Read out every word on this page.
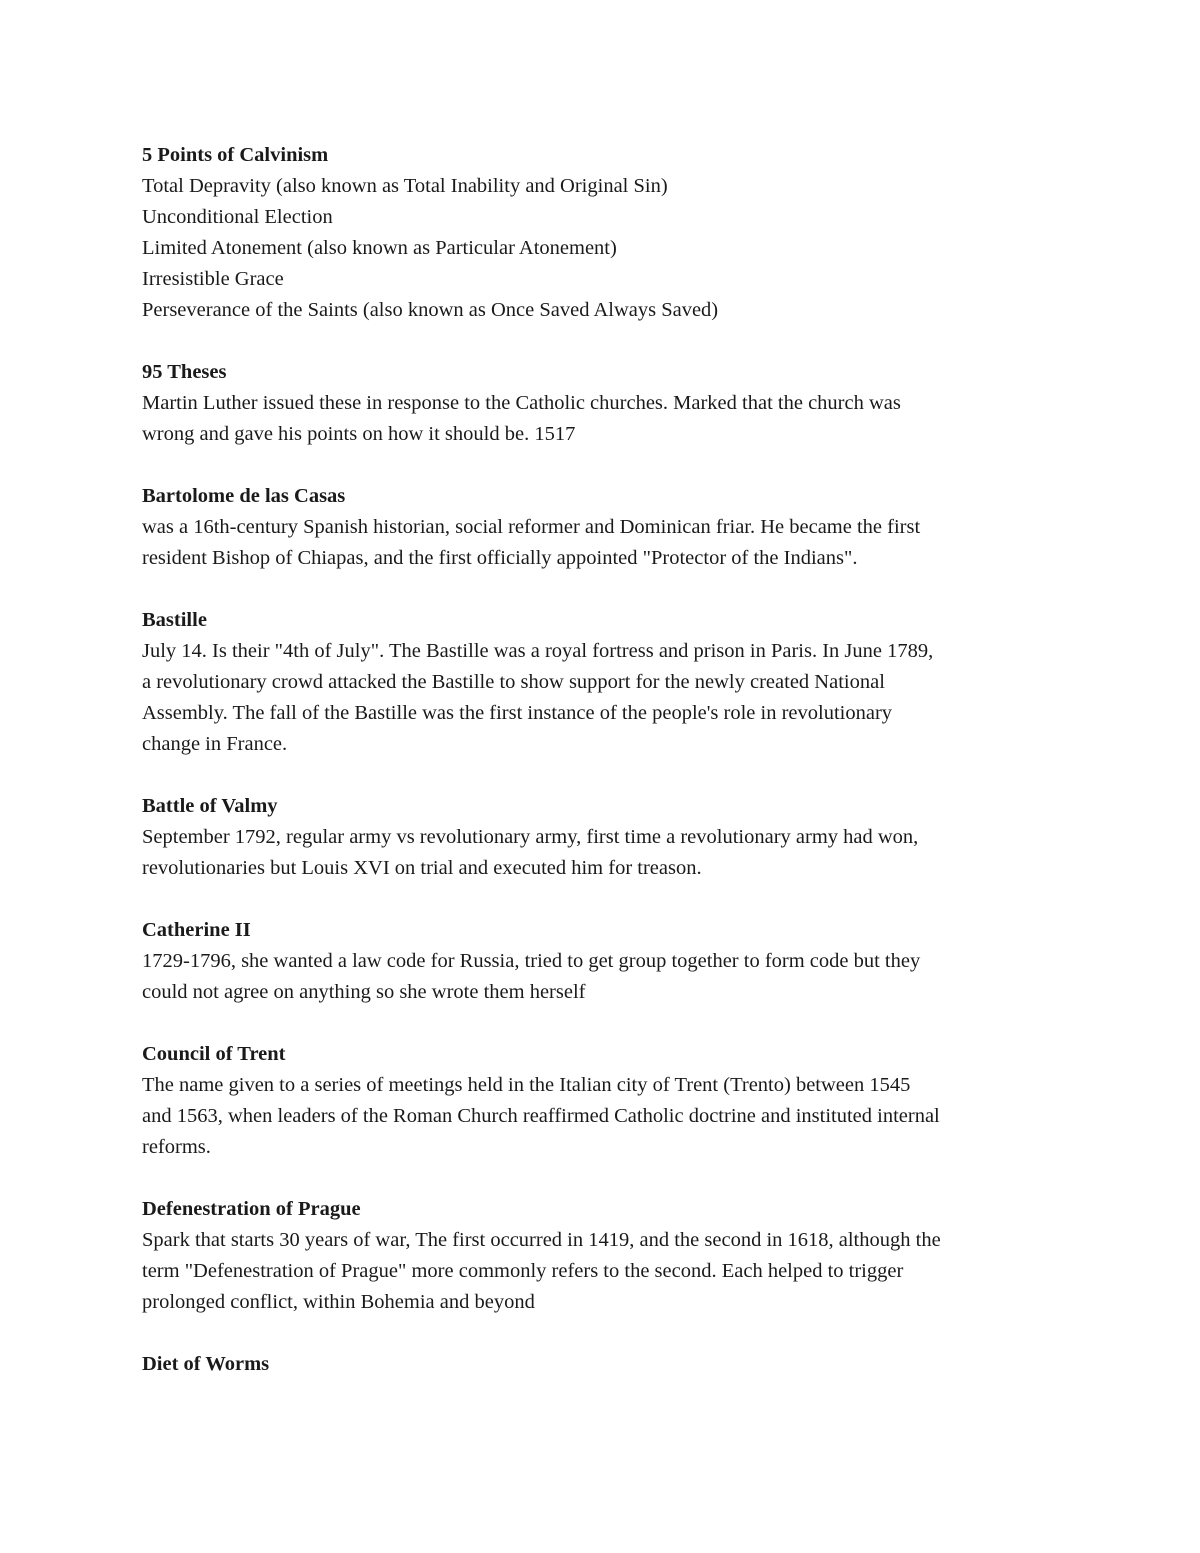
5 Points of Calvinism
Total Depravity (also known as Total Inability and Original Sin)
Unconditional Election
Limited Atonement (also known as Particular Atonement)
Irresistible Grace
Perseverance of the Saints (also known as Once Saved Always Saved)
95 Theses
Martin Luther issued these in response to the Catholic churches. Marked that the church was
wrong and gave his points on how it should be. 1517
Bartolome de las Casas
was a 16th-century Spanish historian, social reformer and Dominican friar. He became the first
resident Bishop of Chiapas, and the first officially appointed "Protector of the Indians".
Bastille
July 14. Is their "4th of July". The Bastille was a royal fortress and prison in Paris. In June 1789,
a revolutionary crowd attacked the Bastille to show support for the newly created National
Assembly. The fall of the Bastille was the first instance of the people's role in revolutionary
change in France.
Battle of Valmy
September 1792, regular army vs revolutionary army, first time a revolutionary army had won,
revolutionaries but Louis XVI on trial and executed him for treason.
Catherine II
1729-1796, she wanted a law code for Russia, tried to get group together to form code but they
could not agree on anything so she wrote them herself
Council of Trent
The name given to a series of meetings held in the Italian city of Trent (Trento) between 1545
and 1563, when leaders of the Roman Church reaffirmed Catholic doctrine and instituted internal
reforms.
Defenestration of Prague
Spark that starts 30 years of war, The first occurred in 1419, and the second in 1618, although the
term "Defenestration of Prague" more commonly refers to the second. Each helped to trigger
prolonged conflict, within Bohemia and beyond
Diet of Worms
